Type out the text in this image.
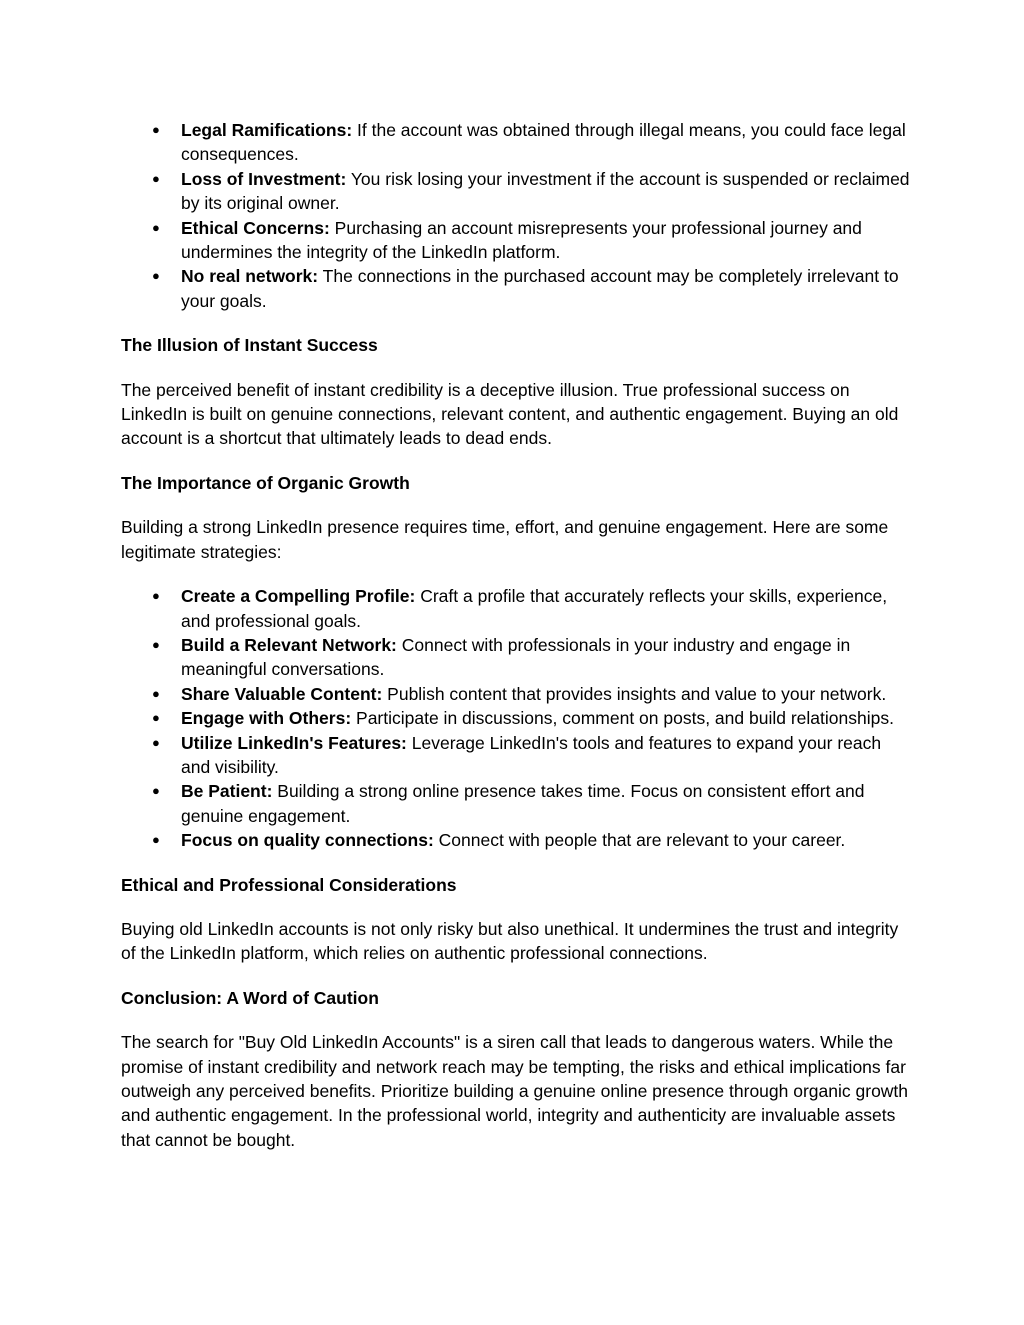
● Legal Ramifications: If the account was obtained through illegal means, you could face legal consequences.
● Loss of Investment: You risk losing your investment if the account is suspended or reclaimed by its original owner.
● Ethical Concerns: Purchasing an account misrepresents your professional journey and undermines the integrity of the LinkedIn platform.
● No real network: The connections in the purchased account may be completely irrelevant to your goals.
The Illusion of Instant Success

The perceived benefit of instant credibility is a deceptive illusion. True professional success on LinkedIn is built on genuine connections, relevant content, and authentic engagement. Buying an old account is a shortcut that ultimately leads to dead ends.

The Importance of Organic Growth

Building a strong LinkedIn presence requires time, effort, and genuine engagement. Here are some legitimate strategies:

● Create a Compelling Profile: Craft a profile that accurately reflects your skills, experience, and professional goals.
● Build a Relevant Network: Connect with professionals in your industry and engage in meaningful conversations.
● Share Valuable Content: Publish content that provides insights and value to your network.
● Engage with Others: Participate in discussions, comment on posts, and build relationships.
● Utilize LinkedIn's Features: Leverage LinkedIn's tools and features to expand your reach and visibility.
● Be Patient: Building a strong online presence takes time. Focus on consistent effort and genuine engagement.
● Focus on quality connections: Connect with people that are relevant to your career.
Ethical and Professional Considerations

Buying old LinkedIn accounts is not only risky but also unethical. It undermines the trust and integrity of the LinkedIn platform, which relies on authentic professional connections.

Conclusion: A Word of Caution

The search for "Buy Old LinkedIn Accounts" is a siren call that leads to dangerous waters. While the promise of instant credibility and network reach may be tempting, the risks and ethical implications far outweigh any perceived benefits. Prioritize building a genuine online presence through organic growth and authentic engagement. In the professional world, integrity and authenticity are invaluable assets that cannot be bought.
